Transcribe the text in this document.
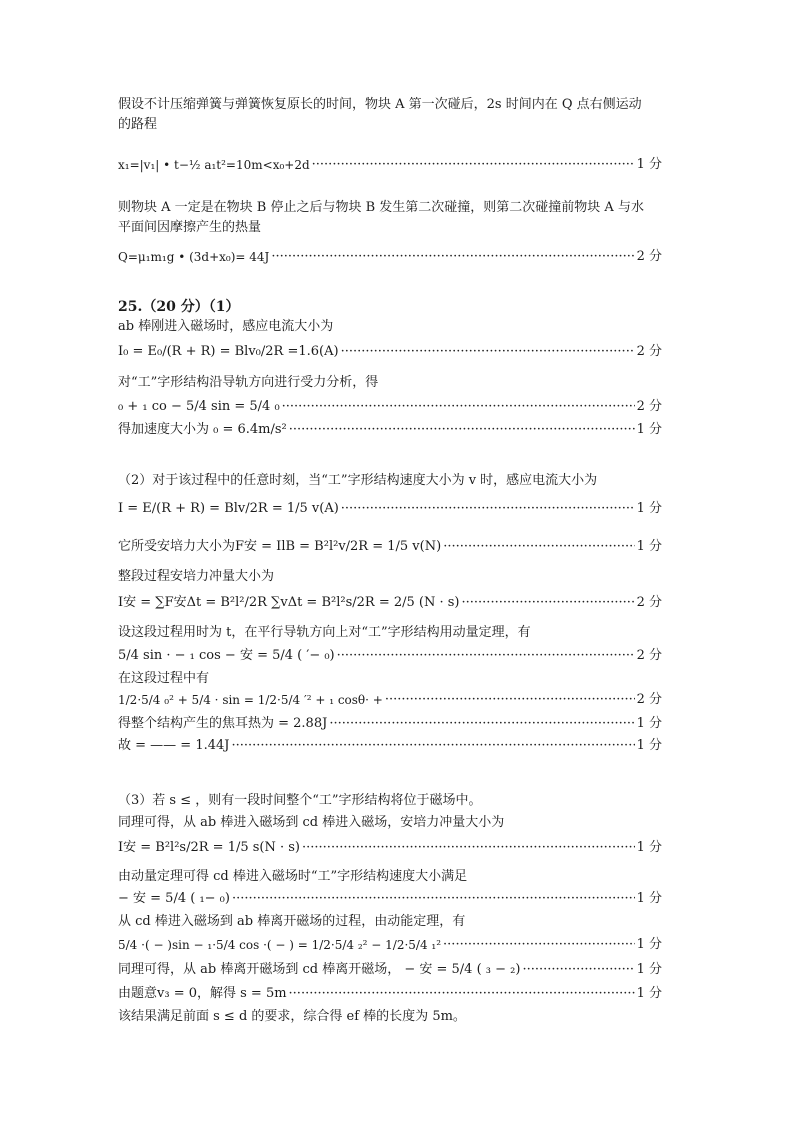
假设不计压缩弹簧与弹簧恢复原长的时间，物块 A 第一次碰后，2s 时间内在 Q 点右侧运动
的路程
x₁=|v₁| • t−½ a₁t²=10m<x₀+2d ·····	1 分
则物块 A 一定是在物块 B 停止之后与物块 B 发生第二次碰撞，则第二次碰撞前物块 A 与水
平面间因摩擦产生的热量
Q=μ₁m₁g • (3d+x₀)= 44J ·····	2 分
25.（20 分）（1）
ab 棒刚进入磁场时，感应电流大小为
I₀ = E₀/(R + R) = Blv₀/2R =1.6(A) ·····	2 分
对“工”字形结构沿导轨方向进行受力分析，得
₀ + ₁ co − 5/4 sin = 5/4 ₀ ·····	2 分
得加速度大小为 ₀ = 6.4m/s² ·····	1 分
（2）对于该过程中的任意时刻，当“工”字形结构速度大小为 v 时，感应电流大小为
I = E/(R + R) = Blv/2R = 1/5 v(A) ·····	1 分
它所受安培力大小为F安 = IlB = B²l²v/2R = 1/5 v(N) ·····	1 分
整段过程安培力冲量大小为
I安 = ∑F安Δt = B²l²/2R ∑vΔt = B²l²s/2R = 2/5 (N · s) ·····	2 分
设这段过程用时为 t，在平行导轨方向上对“工”字形结构用动量定理，有
5/4 sin · − ₁ cos − 安 = 5/4 ( ′− ₀) ·····	2 分
在这段过程中有
1/2·5/4 ₀² + 5/4 · sin = 1/2·5/4 ′² + ₁ cosθ· + ·····	2 分
得整个结构产生的焦耳热为 = 2.88J ·····	1 分
故 = —— = 1.44J ·····	1 分
（3）若 s ≤ ，则有一段时间整个“工”字形结构将位于磁场中。
同理可得，从 ab 棒进入磁场到 cd 棒进入磁场，安培力冲量大小为
I安 = B²l²s/2R = 1/5 s(N · s) ·····	1 分
由动量定理可得 cd 棒进入磁场时“工”字形结构速度大小满足
− 安 = 5/4 ( ₁− ₀) ·····	1 分
从 cd 棒进入磁场到 ab 棒离开磁场的过程，由动能定理，有
5/4 ·( − )sin − ₁·5/4 cos ·( − ) = 1/2·5/4 ₂² − 1/2·5/4 ₁² ·····	1 分
同理可得，从 ab 棒离开磁场到 cd 棒离开磁场， − 安 = 5/4 ( ₃ − ₂) ·····	1 分
由题意v₃ = 0，解得 s = 5m ·····	1 分
该结果满足前面 s ≤ d 的要求，综合得 ef 棒的长度为 5m。
